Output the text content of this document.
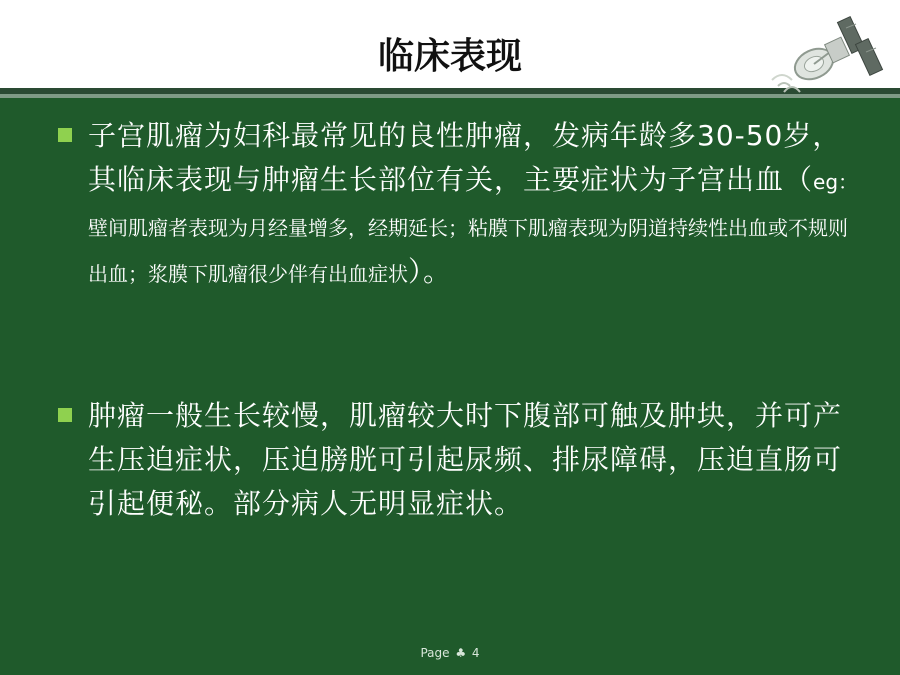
临床表现
子宫肌瘤为妇科最常见的良性肿瘤，发病年龄多30-50岁，其临床表现与肿瘤生长部位有关，主要症状为子宫出血（eg：壁间肌瘤者表现为月经量增多，经期延长；粘膜下肌瘤表现为阴道持续性出血或不规则出血；浆膜下肌瘤很少伴有出血症状）。
肿瘤一般生长较慢，肌瘤较大时下腹部可触及肿块，并可产生压迫症状，压迫膀胱可引起尿频、排尿障碍，压迫直肠可引起便秘。部分病人无明显症状。
Page ♣ 4
